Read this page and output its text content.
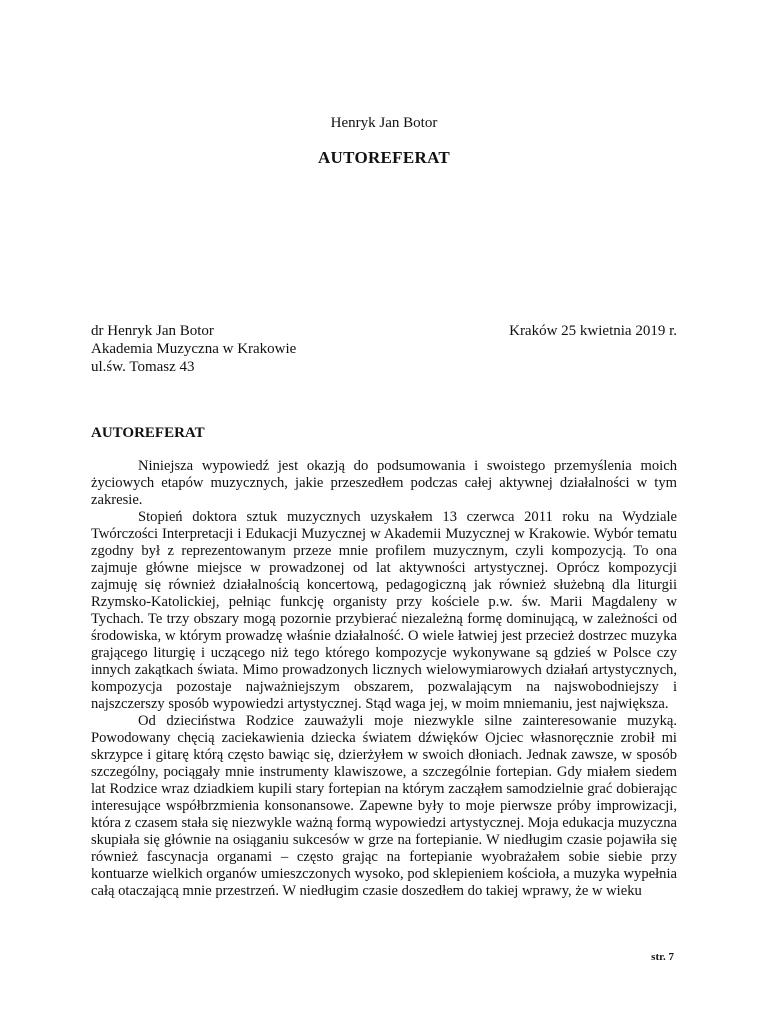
Henryk Jan Botor
AUTOREFERAT
dr Henryk Jan Botor	Kraków 25 kwietnia 2019 r.
Akademia Muzyczna w Krakowie
ul.św. Tomasz 43
AUTOREFERAT

Niniejsza wypowiedź jest okazją do podsumowania i swoistego przemyślenia moich życiowych etapów muzycznych, jakie przeszedłem podczas całej aktywnej działalności w tym zakresie.

Stopień doktora sztuk muzycznych uzyskałem 13 czerwca 2011 roku na Wydziale Twórczości Interpretacji i Edukacji Muzycznej w Akademii Muzycznej w Krakowie. Wybór tematu zgodny był z reprezentowanym przeze mnie profilem muzycznym, czyli kompozycją. To ona zajmuje główne miejsce w prowadzonej od lat aktywności artystycznej. Oprócz kompozycji zajmuję się również działalnością koncertową, pedagogiczną jak również służebną dla liturgii Rzymsko-Katolickiej, pełniąc funkcję organisty przy kościele p.w. św. Marii Magdaleny w Tychach. Te trzy obszary mogą pozornie przybierać niezależną formę dominującą, w zależności od środowiska, w którym prowadzę właśnie działalność. O wiele łatwiej jest przecież dostrzec muzyka grającego liturgię i uczącego niż tego którego kompozycje wykonywane są gdzieś w Polsce czy innych zakątkach świata. Mimo prowadzonych licznych wielowymiarowych działań artystycznych, kompozycja pozostaje najważniejszym obszarem, pozwalającym na najswobodniejszy i najszczerszy sposób wypowiedzi artystycznej. Stąd waga jej, w moim mniemaniu, jest największa.

Od dzieciństwa Rodzice zauważyli moje niezwykle silne zainteresowanie muzyką. Powodowany chęcią zaciekawienia dziecka światem dźwięków Ojciec własnoręcznie zrobił mi skrzypce i gitarę którą często bawiąc się, dzierżyłem w swoich dłoniach. Jednak zawsze, w sposób szczególny, pociągały mnie instrumenty klawiszowe, a szczególnie fortepian. Gdy miałem siedem lat Rodzice wraz dziadkiem kupili stary fortepian na którym zacząłem samodzielnie grać dobierając interesujące współbrzmienia konsonansowe. Zapewne były to moje pierwsze próby improwizacji, która z czasem stała się niezwykle ważną formą wypowiedzi artystycznej. Moja edukacja muzyczna skupiała się głównie na osiąganiu sukcesów w grze na fortepianie. W niedługim czasie pojawiła się również fascynacja organami – często grając na fortepianie wyobrażałem sobie siebie przy kontuarze wielkich organów umieszczonych wysoko, pod sklepieniem kościoła, a muzyka wypełnia całą otaczającą mnie przestrzeń. W niedługim czasie doszedłem do takiej wprawy, że w wieku

str. 7
